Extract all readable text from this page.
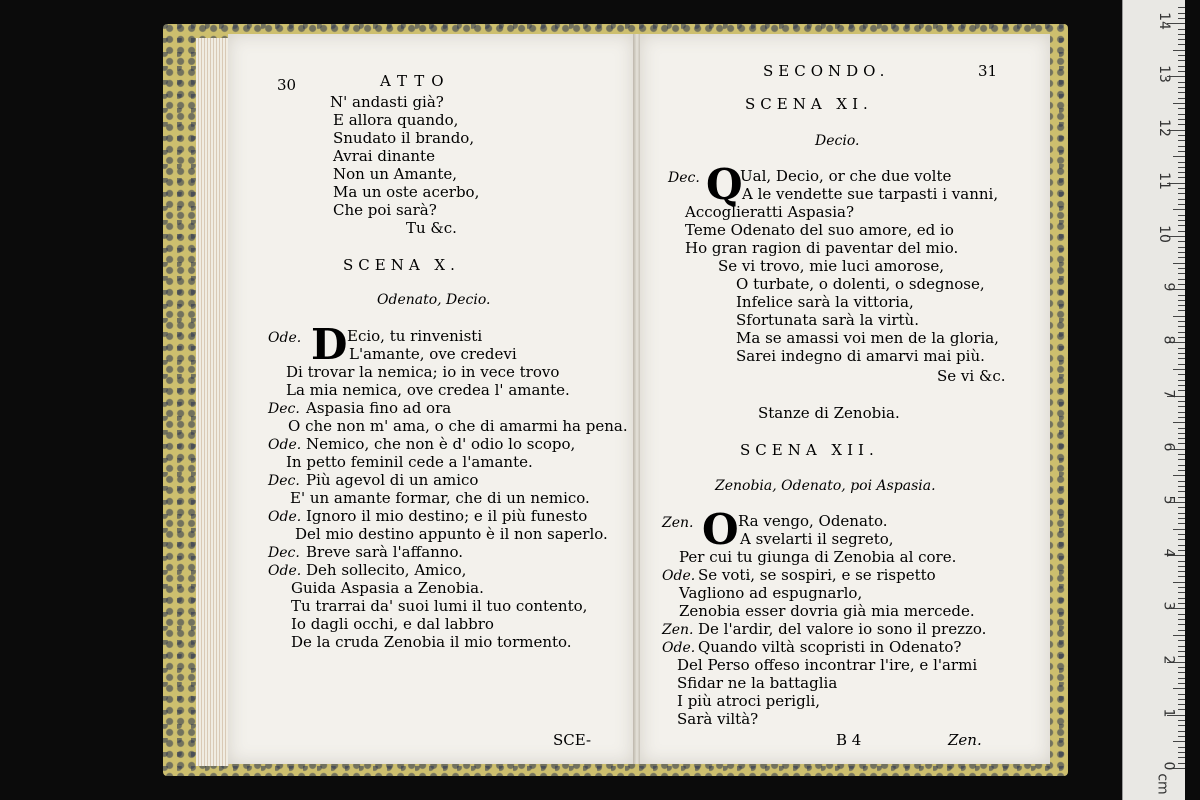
30	ATTO
N' andasti già?
E allora quando,
Snudato il brando,
Avrai dinante
Non un Amante,
Ma un oste acerbo,
Che poi sarà?
Tu &c.
SCENA X.
Odenato, Decio.
Ode. D Ecio, tu rinvenisti
L'amante, ove credevi
Di trovar la nemica; io in vece trovo
La mia nemica, ove credea l' amante.
Dec. Aspasia fino ad ora
O che non m' ama, o che di amarmi ha pena.
Ode. Nemico, che non è d' odio lo scopo,
In petto feminil cede a l'amante.
Dec. Più agevol di un amico
E' un amante formar, che di un nemico.
Ode. Ignoro il mio destino; e il più funesto
Del mio destino appunto è il non saperlo.
Dec. Breve sarà l'affanno.
Ode. Deh sollecito, Amico,
Guida Aspasia a Zenobia.
Tu trarrai da' suoi lumi il tuo contento,
Io dagli occhi, e dal labbro
De la cruda Zenobia il mio tormento.
SCE-
SECONDO.	31
SCENA XI.
Decio.
Dec. Q
Ual, Decio, or che due volte
A le vendette sue tarpasti i vanni,
Accoglieratti Aspasia?
Teme Odenato del suo amore, ed io
Ho gran ragion di paventar del mio.
Se vi trovo, mie luci amorose,
O turbate, o dolenti, o sdegnose,
Infelice sarà la vittoria,
Sfortunata sarà la virtù.
Ma se amassi voi men de la gloria,
Sarei indegno di amarvi mai più.
Se vi &c.
Stanze di Zenobia.
SCENA XII.
Zenobia, Odenato, poi Aspasia.
Zen. O Ra vengo, Odenato.
A svelarti il segreto,
Per cui tu giunga di Zenobia al core.
Ode. Se voti, se sospiri, e se rispetto
Vagliono ad espugnarlo,
Zenobia esser dovria già mia mercede.
Zen. De l'ardir, del valore io sono il prezzo.
Ode. Quando viltà scopristi in Odenato?
Del Perso offeso incontrar l'ire, e l'armi
Sfidar ne la battaglia
I più atroci perigli,
Sarà viltà?
B 4	Zen.
0
1
2
3
4
5
6
7
8
9
10
11
12
13
14
cm
